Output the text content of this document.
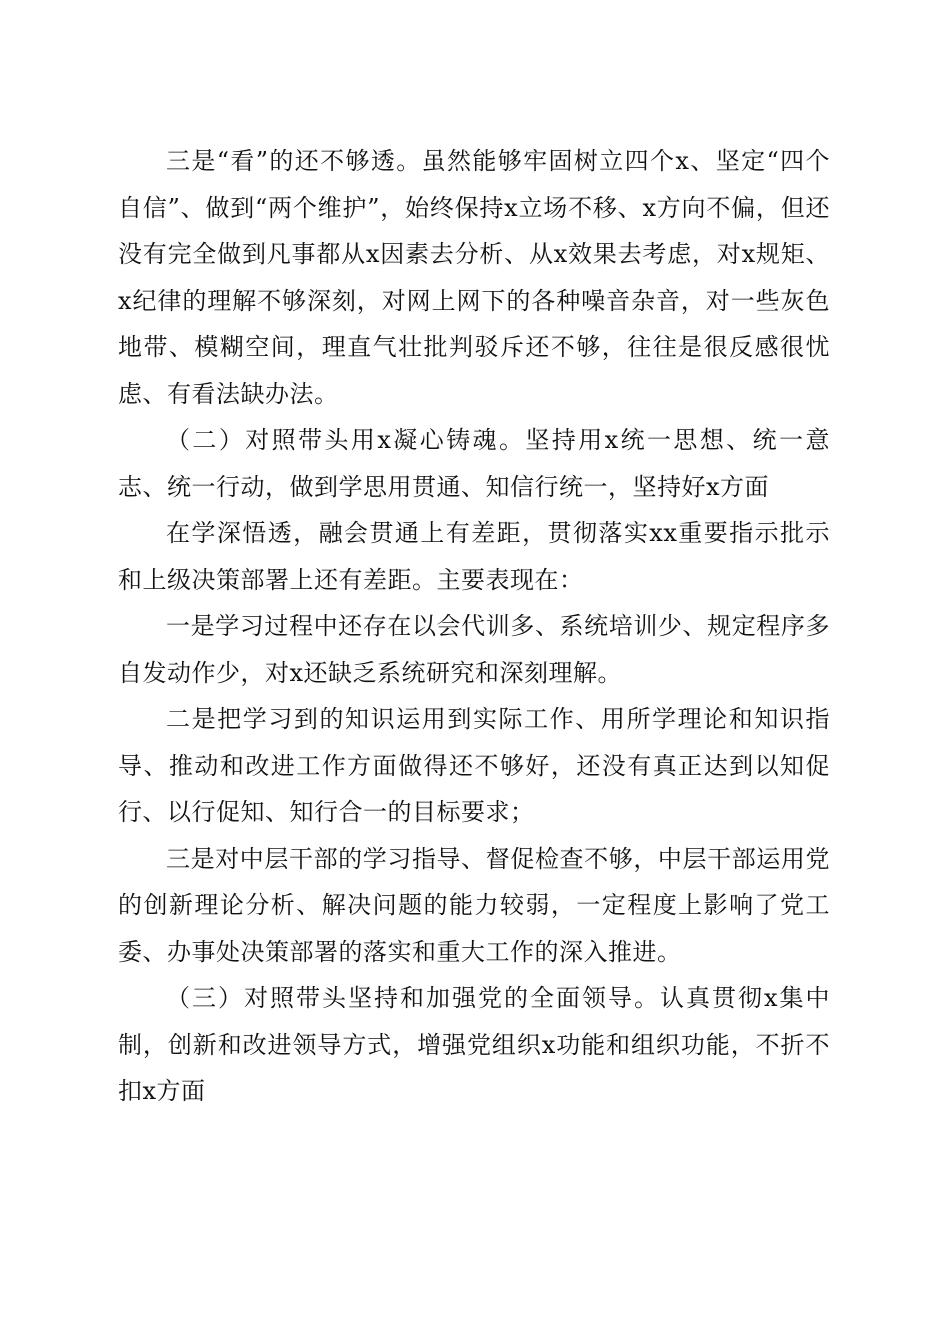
三是“看”的还不够透。虽然能够牢固树立四个x、坚定“四个自信”、做到“两个维护”，始终保持x立场不移、x方向不偏，但还没有完全做到凡事都从x因素去分析、从x效果去考虑，对x规矩、x纪律的理解不够深刻，对网上网下的各种噪音杂音，对一些灰色地带、模糊空间，理直气壮批判驳斥还不够，往往是很反感很忧虑、有看法缺办法。

（二）对照带头用x凝心铸魂。坚持用x统一思想、统一意志、统一行动，做到学思用贯通、知信行统一，坚持好x方面

在学深悟透，融会贯通上有差距，贯彻落实xx重要指示批示和上级决策部署上还有差距。主要表现在：

一是学习过程中还存在以会代训多、系统培训少、规定程序多自发动作少，对x还缺乏系统研究和深刻理解。

二是把学习到的知识运用到实际工作、用所学理论和知识指导、推动和改进工作方面做得还不够好，还没有真正达到以知促行、以行促知、知行合一的目标要求；

三是对中层干部的学习指导、督促检查不够，中层干部运用党的创新理论分析、解决问题的能力较弱，一定程度上影响了党工委、办事处决策部署的落实和重大工作的深入推进。

（三）对照带头坚持和加强党的全面领导。认真贯彻x集中制，创新和改进领导方式，增强党组织x功能和组织功能，不折不扣x方面
